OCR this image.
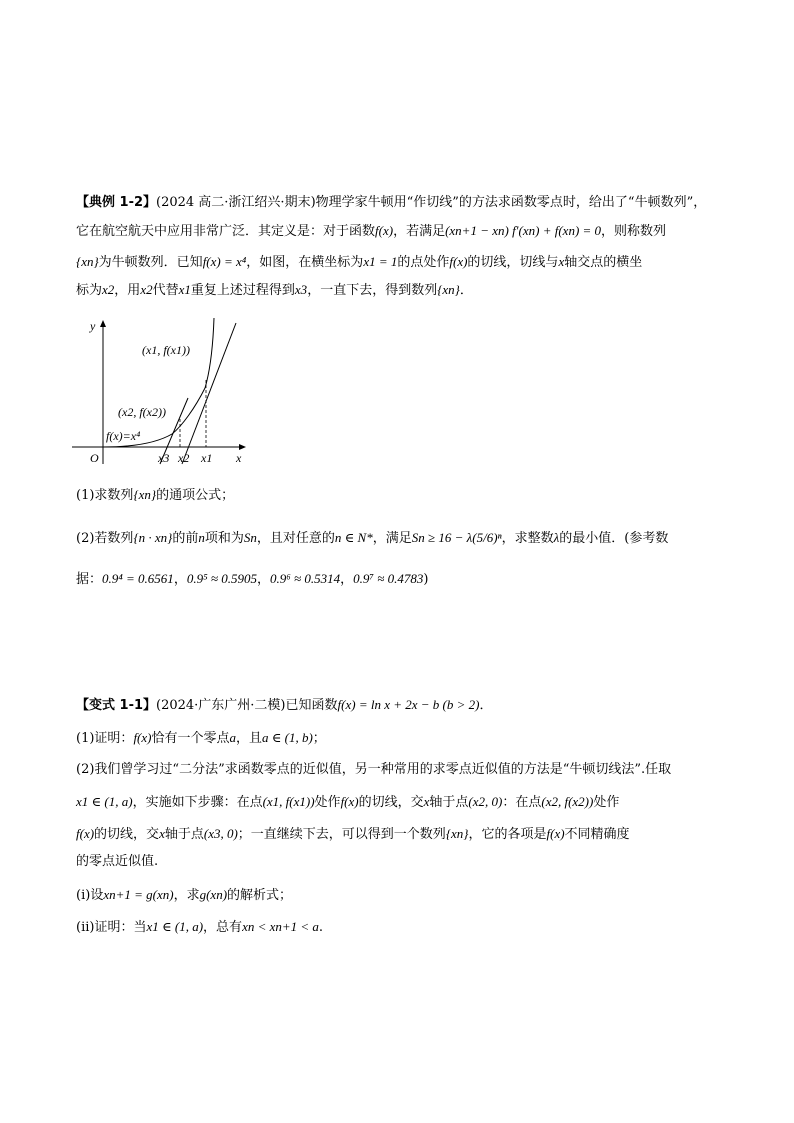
【典例 1-2】(2024 高二·浙江绍兴·期末)物理学家牛顿用“作切线”的方法求函数零点时，给出了“牛顿数列”，
它在航空航天中应用非常广泛．其定义是：对于函数f(x)，若满足(xn+1 − xn) f′(xn) + f(xn) = 0，则称数列
{xn}为牛顿数列．已知f(x) = x⁴，如图，在横坐标为x1 = 1的点处作f(x)的切线，切线与x轴交点的横坐
标为x2，用x2代替x1重复上述过程得到x3，一直下去，得到数列{xn}．
y
x
O
(x1, f(x1))
(x2, f(x2))
f(x)=x⁴
x3 x2 x1
(1)求数列{xn}的通项公式；
(2)若数列{n · xn}的前n项和为Sn，且对任意的n ∈ N*，满足Sn ≥ 16 − λ(5/6)ⁿ，求整数λ的最小值．(参考数
据：0.9⁴ = 0.6561，0.9⁵ ≈ 0.5905，0.9⁶ ≈ 0.5314，0.9⁷ ≈ 0.4783)
【变式 1-1】(2024·广东广州·二模)已知函数f(x) = ln x + 2x − b (b > 2)．
(1)证明：f(x)恰有一个零点a，且a ∈ (1, b)；
(2)我们曾学习过“二分法”求函数零点的近似值，另一种常用的求零点近似值的方法是“牛顿切线法”.任取
x1 ∈ (1, a)，实施如下步骤：在点(x1, f(x1))处作f(x)的切线，交x轴于点(x2, 0)：在点(x2, f(x2))处作
f(x)的切线，交x轴于点(x3, 0)；一直继续下去，可以得到一个数列{xn}，它的各项是f(x)不同精确度
的零点近似值.
(i)设xn+1 = g(xn)，求g(xn)的解析式；
(ii)证明：当x1 ∈ (1, a)，总有xn < xn+1 < a.
